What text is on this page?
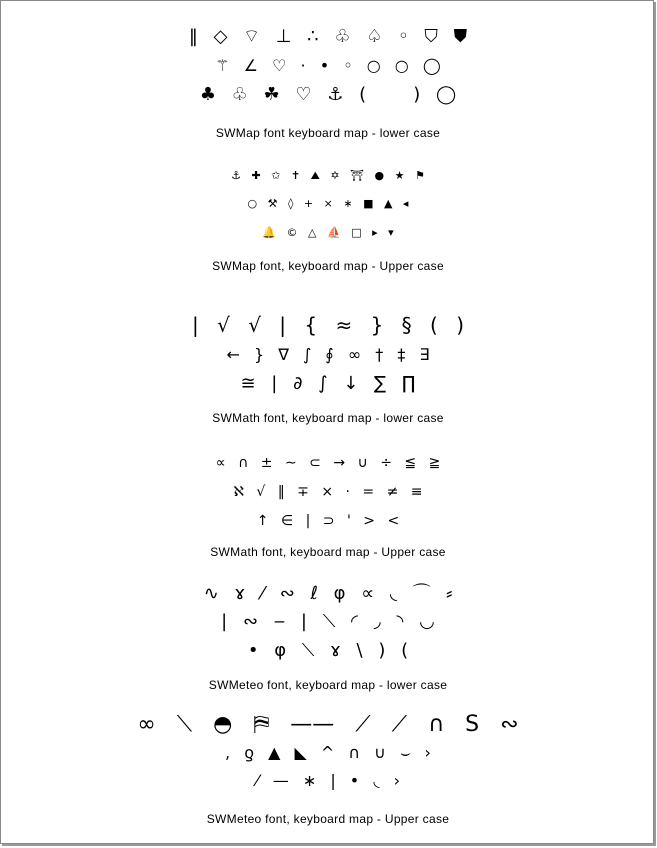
‖ ◇ ⌔ ⊥ ∴ ♧ ♤ ◦ ⛉ ⛊
⚚ ∠ ♡ · • ◦ ○ ○ ◯
♣ ♧ ☘ ♡ ⚓ (   ) ◯
SWMap font keyboard map - lower case
⚓ ✚ ✩ ✝ ⛰ ✡ ⛩ ● ★ ⚑
○ ⚒ ◊ + × ∗ ■ ▲ ◂
🔔 © △ ⛵ □ ▸ ▾
SWMap font, keyboard map - Upper case
| √ √ | { ≈ } § ( )
← } ∇ ∫ ∮ ∞ † ‡ ∃
≅ | ∂ ∫ ↓ ∑ ∏
SWMath font, keyboard map - lower case
∝ ∩ ± ∼ ⊂ → ∪ ÷ ≦ ≧
ℵ √ ‖ ∓ × · = ≠ ≡
↑ ∈ | ⊃ ' > <
SWMath font, keyboard map - Upper case
∿ ɤ ⁄ ∾ ℓ φ ∝ ◟ ⌒ ⸗
| ∾ ‒ | ⟍ ◜ ◞ ◝ ◡
• φ ⟍ ɤ \ ) (
SWMeteo font, keyboard map - lower case
∞ ⟍ ◓ ⛿ —— ⟋ ⟋ ∩ S ∾
, ƍ ▲ ◣ ^ ∩ ∪ ⌣ ›
⁄ — ∗ | • ◟ ›
SWMeteo font, keyboard map - Upper case
